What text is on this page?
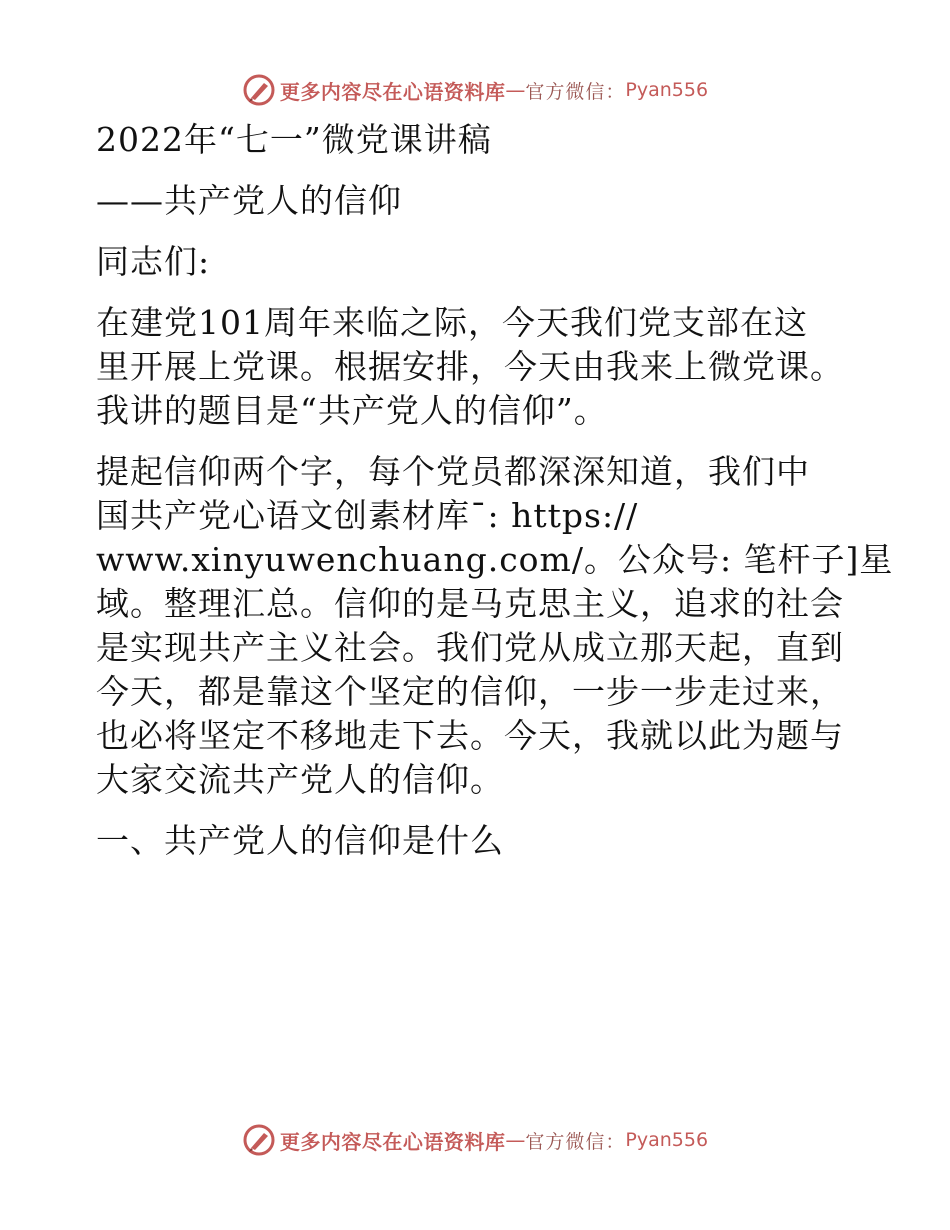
更多内容尽在心语资料库 — 官方微信： Pyan556
2022年“七一”微党课讲稿
——共产党人的信仰
同志们:
在建党101周年来临之际，今天我们党支部在这
里开展上党课。根据安排，今天由我来上微党课。
我讲的题目是“共产党人的信仰”。
提起信仰两个字，每个党员都深深知道，我们中
国共产党心语文创素材库¯: https://
www.xinyuwenchuang.com/。公众号: 笔杆子]星
域。整理汇总。信仰的是马克思主义，追求的社会
是实现共产主义社会。我们党从成立那天起，直到
今天，都是靠这个坚定的信仰，一步一步走过来，
也必将坚定不移地走下去。今天，我就以此为题与
大家交流共产党人的信仰。
一、共产党人的信仰是什么
更多内容尽在心语资料库 — 官方微信： Pyan556
